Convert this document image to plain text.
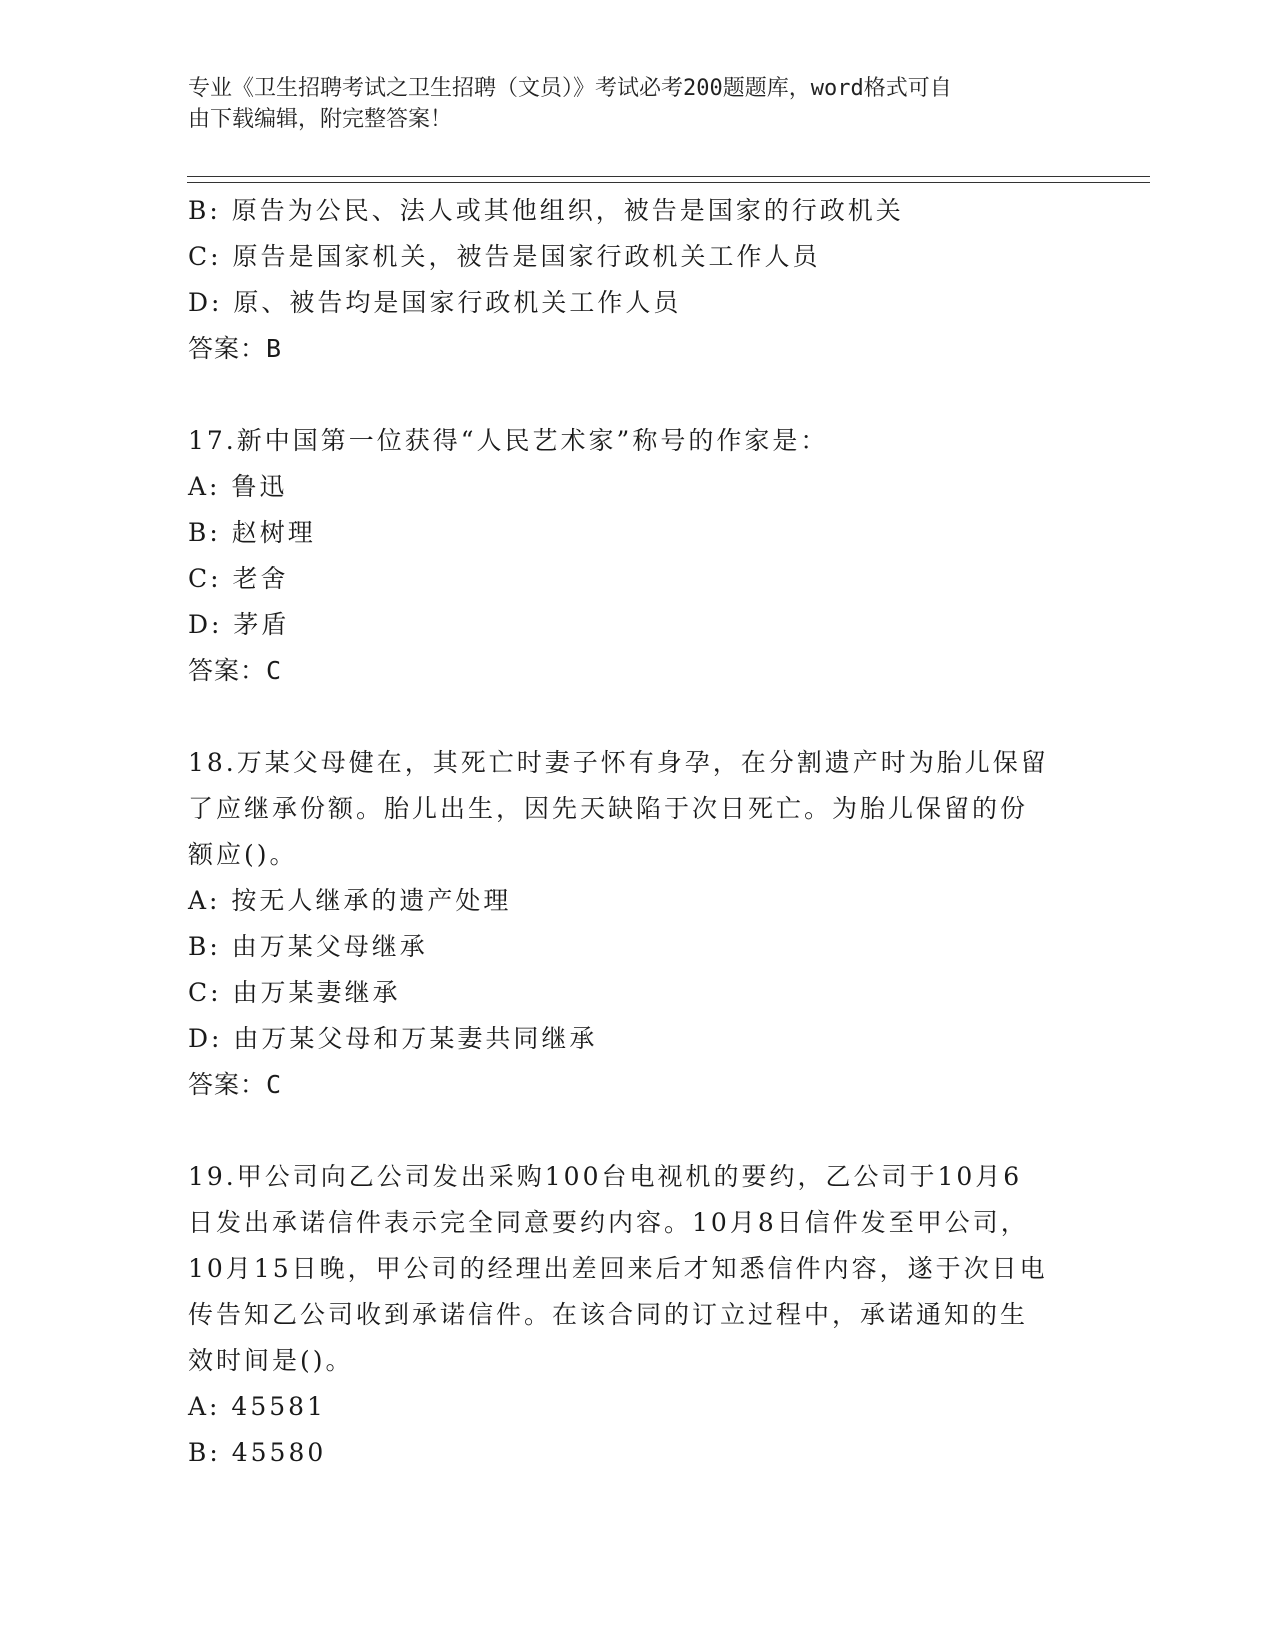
专业《卫生招聘考试之卫生招聘（文员）》考试必考200题题库，word格式可自
由下载编辑，附完整答案！
B: 原告为公民、法人或其他组织，被告是国家的行政机关
C: 原告是国家机关，被告是国家行政机关工作人员
D: 原、被告均是国家行政机关工作人员
答案：B
17.新中国第一位获得“人民艺术家”称号的作家是：
A: 鲁迅
B: 赵树理
C: 老舍
D: 茅盾
答案：C
18.万某父母健在，其死亡时妻子怀有身孕，在分割遗产时为胎儿保留
了应继承份额。胎儿出生，因先天缺陷于次日死亡。为胎儿保留的份
额应()。
A: 按无人继承的遗产处理
B: 由万某父母继承
C: 由万某妻继承
D: 由万某父母和万某妻共同继承
答案：C
19.甲公司向乙公司发出采购100台电视机的要约，乙公司于10月6
日发出承诺信件表示完全同意要约内容。10月8日信件发至甲公司，
10月15日晚，甲公司的经理出差回来后才知悉信件内容，遂于次日电
传告知乙公司收到承诺信件。在该合同的订立过程中，承诺通知的生
效时间是()。
A: 45581
B: 45580
